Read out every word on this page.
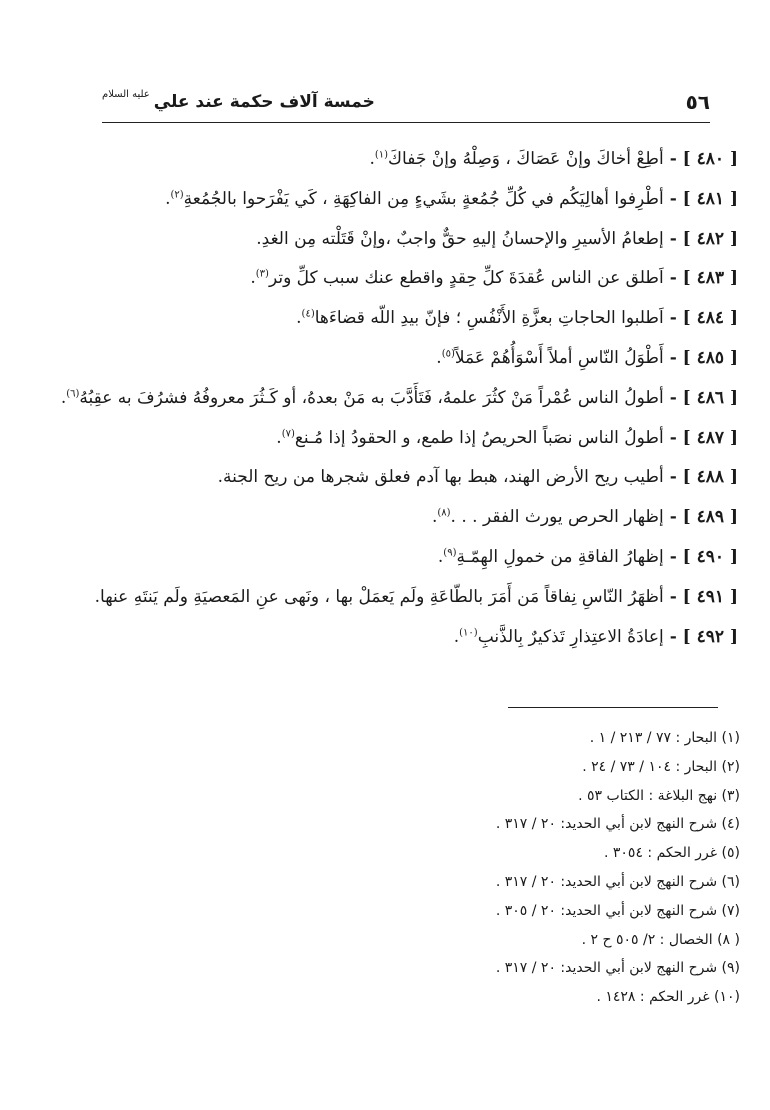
٥٦
خمسة آلاف حكمة عند علي
عليه السلام
[ ٤٨٠ ] -أطِعْ أخاكَ وإنْ عَصَاكَ ، وَصِلْهُ وإنْ جَفاكَ$^{(١)}$.
[ ٤٨١ ] -أطْرِفوا أهالِيَكُم في كُلِّ جُمُعةٍ بشَيءٍ مِن الفاكِهَةِ ، كَي يَفْرَحوا بالجُمُعةِ$^{(٢)}$.
[ ٤٨٢ ] -إطعامُ الأسيرِ والإحسانُ إليهِ حقٌّ واجبٌ ،وإنْ قَتَلْته مِن الغدِ.
[ ٤٨٣ ] -اَطلق عن الناس عُقدَةَ كلِّ حِقدٍ واقطع عنك سبب كلِّ وتر$^{(٣)}$.
[ ٤٨٤ ] -اَطلبوا الحاجاتِ بعزَّةِ الأَنْفُسِ ؛ فإنّ بيدِ اللّه قضاءَها$^{(٤)}$.
[ ٤٨٥ ] -أَطْوَلُ النّاسِ أملاً أَسْوَأُهُمْ عَمَلاً$^{(٥)}$.
[ ٤٨٦ ] -أطولُ الناس عُمْراً مَنْ كثُرَ علمهُ، فَتَأَدَّبَ به مَنْ بعدهُ، أو كَـثُرَ معروفُهُ فشرُفَ به عقِبُهُ$^{(٦)}$.
[ ٤٨٧ ] -أطولُ الناس نصَباً الحريصُ إذا طمع، و الحقودُ إذا مُـنع$^{(٧)}$.
[ ٤٨٨ ] -أطيب ريح الأرض الهند، هبط بها آدم فعلق شجرها من ريح الجنة.
[ ٤٨٩ ] -إظهار الحرص يورث الفقر . . .$^{(٨)}$.
[ ٤٩٠ ] -إظهارُ الفاقةِ من خمولِ الهِمّـةِ$^{(٩)}$.
[ ٤٩١ ] -أظهَرُ النّاسِ نِفاقاً مَن أَمَرَ بالطّاعَةِ ولَم يَعمَلْ بها ، ونَهى عنِ المَعصيَةِ ولَم يَنتَهِ عنها.
[ ٤٩٢ ] -إعادَةُ الاعتِذارِ تَذكيرٌ بِالذَّنبِ$^{(١٠)}$.
(١) البحار : ٧٧ / ٢١٣ / ١ .
(٢) البحار : ١٠٤ / ٧٣ / ٢٤ .
(٣) نهج البلاغة : الكتاب ٥٣ .
(٤) شرح النهج لابن أبي الحديد: ٢٠ / ٣١٧ .
(٥) غرر الحكم : ٣٠٥٤ .
(٦) شرح النهج لابن أبي الحديد: ٢٠ / ٣١٧ .
(٧) شرح النهج لابن أبي الحديد: ٢٠ / ٣٠٥ .
( ٨) الخصال : ٢/ ٥٠٥ ح ٢ .
(٩) شرح النهج لابن أبي الحديد: ٢٠ / ٣١٧ .
(١٠) غرر الحكم : ١٤٢٨ .
